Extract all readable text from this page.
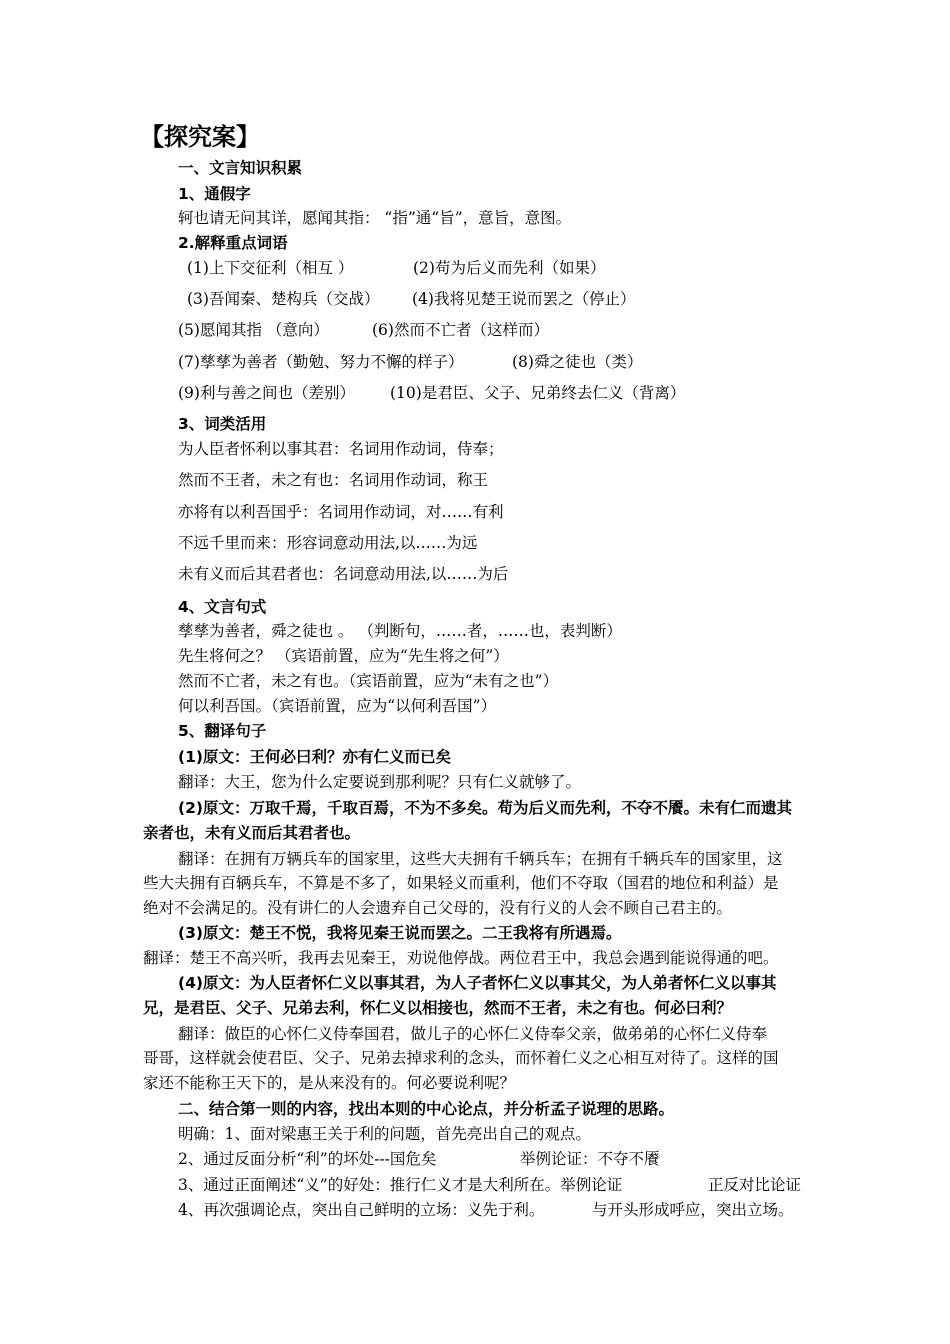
【探究案】
一、文言知识积累
1、通假字
轲也请无问其详，愿闻其指： “指”通“旨”，意旨，意图。
2.解释重点词语
(1)上下交征利（相互 ）	(2)苟为后义而先利（如果）
(3)吾闻秦、楚构兵（交战） (4)我将见楚王说而罢之（停止）
(5)愿闻其指 （意向）	(6)然而不亡者（这样而）
(7)孳孳为善者（勤勉、努力不懈的样子）	(8)舜之徒也（类）
(9)利与善之间也（差别） (10)是君臣、父子、兄弟终去仁义（背离）
3、词类活用
为人臣者怀利以事其君：名词用作动词，侍奉；
然而不王者，未之有也：名词用作动词，称王
亦将有以利吾国乎：名词用作动词，对……有利
不远千里而来：形容词意动用法,以……为远
未有义而后其君者也：名词意动用法,以……为后
4、文言句式
孳孳为善者，舜之徒也 。 （判断句，……者，……也，表判断）
先生将何之？ （宾语前置，应为“先生将之何”）
然而不亡者，未之有也。（宾语前置，应为“未有之也”）
何以利吾国。（宾语前置，应为“以何利吾国”）
5、翻译句子
(1)原文：王何必曰利？亦有仁义而已矣
翻译：大王，您为什么定要说到那利呢？只有仁义就够了。
(2)原文：万取千焉，千取百焉，不为不多矣。苟为后义而先利，不夺不餍。未有仁而遗其
亲者也，未有义而后其君者也。
翻译：在拥有万辆兵车的国家里，这些大夫拥有千辆兵车；在拥有千辆兵车的国家里，这
些大夫拥有百辆兵车，不算是不多了，如果轻义而重利，他们不夺取（国君的地位和利益）是
绝对不会满足的。没有讲仁的人会遗弃自己父母的，没有行义的人会不顾自己君主的。
(3)原文：楚王不悦，我将见秦王说而罢之。二王我将有所遇焉。
翻译：楚王不高兴听，我再去见秦王，劝说他停战。两位君王中，我总会遇到能说得通的吧。
(4)原文：为人臣者怀仁义以事其君，为人子者怀仁义以事其父，为人弟者怀仁义以事其
兄，是君臣、父子、兄弟去利，怀仁义以相接也，然而不王者，未之有也。何必曰利？
翻译：做臣的心怀仁义侍奉国君，做儿子的心怀仁义侍奉父亲，做弟弟的心怀仁义侍奉
哥哥，这样就会使君臣、父子、兄弟去掉求利的念头，而怀着仁义之心相互对待了。这样的国
家还不能称王天下的，是从来没有的。何必要说利呢？
二、结合第一则的内容，找出本则的中心论点，并分析孟子说理的思路。
明确：1、面对梁惠王关于利的问题，首先亮出自己的观点。
2、通过反面分析“利”的坏处---国危矣	举例论证：不夺不餍
3、通过正面阐述“义”的好处：推行仁义才是大利所在。举例论证	正反对比论证
4、再次强调论点，突出自己鲜明的立场：义先于利。	与开头形成呼应，突出立场。
